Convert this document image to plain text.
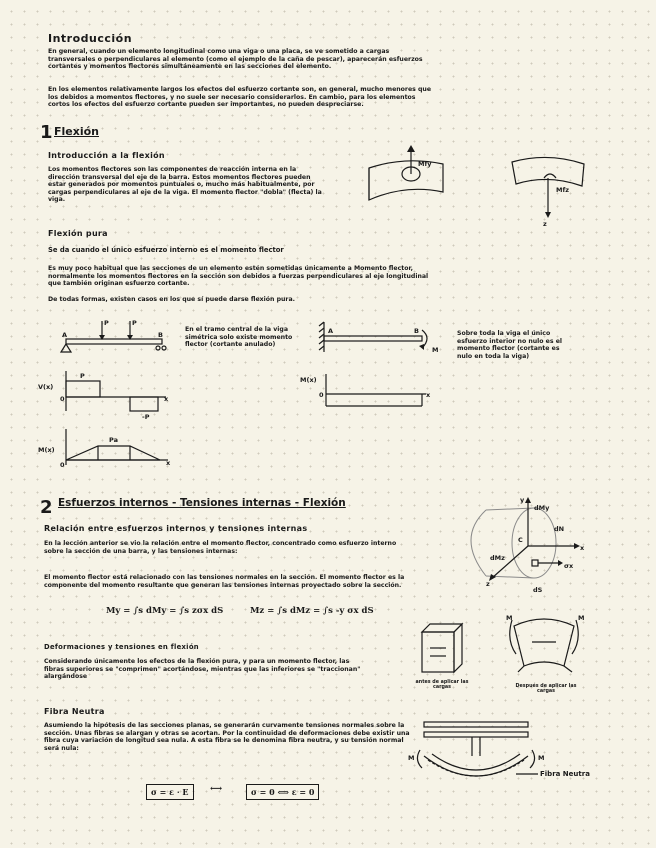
Introducción
En general, cuando un elemento longitudinal como una viga o una placa, se ve sometido a cargas transversales o perpendiculares al elemento (como el ejemplo de la caña de pescar), aparecerán esfuerzos cortantes y momentos flectores simultáneamente en las secciones del elemento.
En los elementos relativamente largos los efectos del esfuerzo cortante son, en general, mucho menores que los debidos a momentos flectores, y no suele ser necesario considerarlos. En cambio, para los elementos cortos los efectos del esfuerzo cortante pueden ser importantes, no pueden despreciarse.
1 Flexión
Introducción a la flexión
Los momentos flectores son las componentes de reacción interna en la dirección transversal del eje de la barra. Estos momentos flectores pueden estar generados por momentos puntuales o, mucho más habitualmente, por cargas perpendiculares al eje de la viga. El momento flector "dobla" (flecta) la viga.
Mfy
Mfz
z
Flexión pura
Se da cuando el único esfuerzo interno es el momento flector
Es muy poco habitual que las secciones de un elemento estén sometidas únicamente a Momento flector, normalmente los momentos flectores en la sección son debidos a fuerzas perpendiculares al eje longitudinal que también originan esfuerzo cortante.
De todas formas, existen casos en los que sí puede darse flexión pura.
A	B
P	P
V(x)
0
P
-P
x
M(x)
0
Pa
x
En el tramo central de la viga simétrica solo existe momento flector (cortante anulado)
A	B
M
M(x)
0	x
Sobre toda la viga el único esfuerzo interior no nulo es el momento flector (cortante es nulo en toda la viga)
2 Esfuerzos internos - Tensiones internas - Flexión
Relación entre esfuerzos internos y tensiones internas
En la lección anterior se vio la relación entre el momento flector, concentrado como esfuerzo interno sobre la sección de una barra, y las tensiones internas:
El momento flector está relacionado con las tensiones normales en la sección. El momento flector es la componente del momento resultante que generan las tensiones internas proyectado sobre la sección.
My = ∫s dMy = ∫s zσx dS	Mz = ∫s dMz = ∫s -y σx dS
y
x
z
C
dMy
dMz
dN
σx
dS
Deformaciones y tensiones en flexión
Considerando únicamente los efectos de la flexión pura, y para un momento flector, las fibras superiores se "comprimen" acortándose, mientras que las inferiores se "traccionan" alargándose
antes de aplicar las cargas
M	M
Después de aplicar las cargas
Fibra Neutra
Asumiendo la hipótesis de las secciones planas, se generarán curvamente tensiones normales sobre la sección. Unas fibras se alargan y otras se acortan. Por la continuidad de deformaciones debe existir una fibra cuya variación de longitud sea nula. A esta fibra se le denomina fibra neutra, y su tensión normal será nula:
σ = ε · E	⟷	σ = 0 ⟺ ε = 0
M	M
Fibra Neutra
